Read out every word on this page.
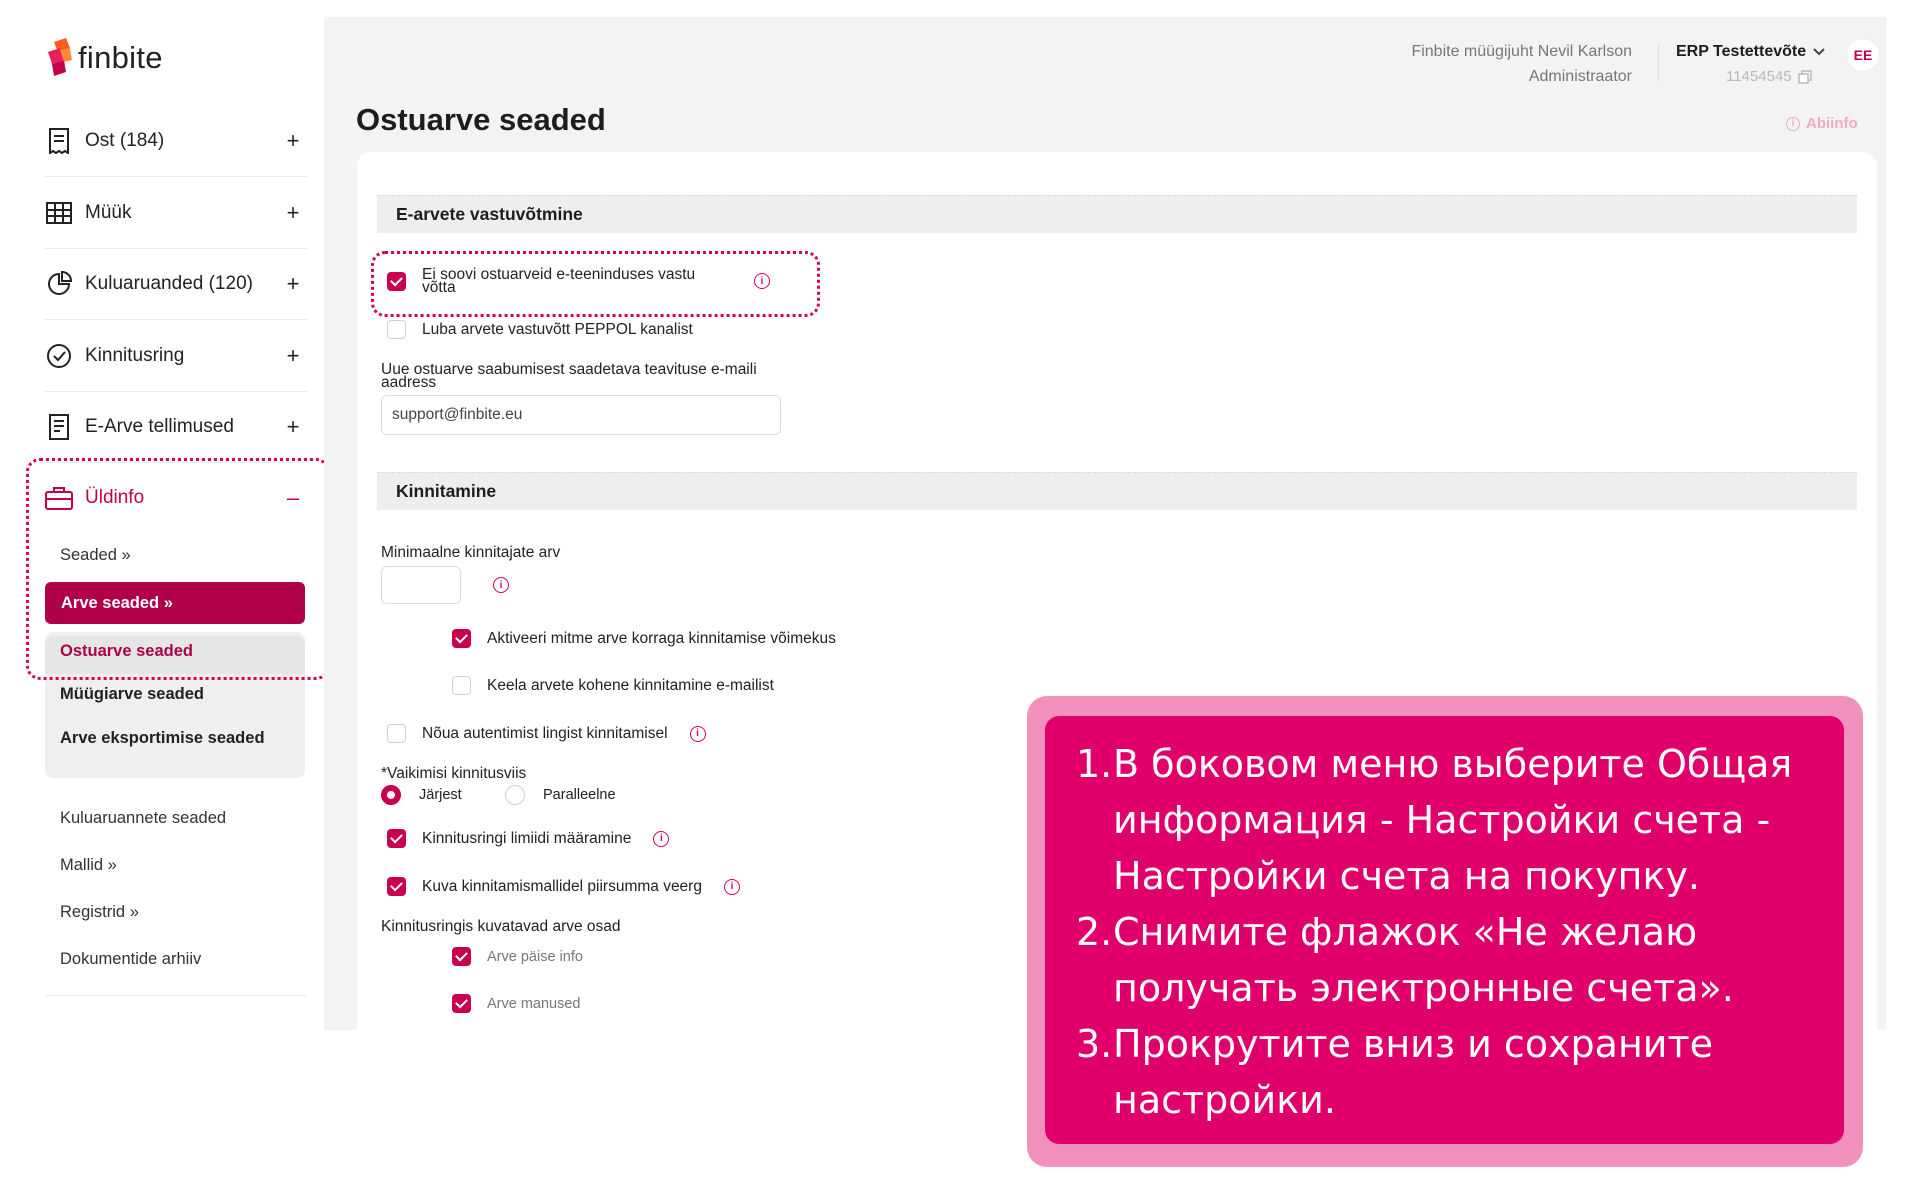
finbite
Ost (184)	+
Müük	+
Kuluaruanded (120)	+
Kinnitusring	+
E-Arve tellimused	+
Üldinfo	–
Seaded »
Arve seaded »
Ostuarve seaded
Müügiarve seaded
Arve eksportimise seaded
Kuluaruannete seaded
Mallid »
Registrid »
Dokumentide arhiiv
Finbite müügijuht Nevil Karlson
Administraator
ERP Testettevõte
11454545
EE
Ostuarve seaded	i Abiinfo
E-arvete vastuvõtmine
Ei soovi ostuarveid e-teeninduses vastu
võtta	i
Luba arvete vastuvõtt PEPPOL kanalist
Uue ostuarve saabumisest saadetava teavituse e-maili
aadress
support@finbite.eu
Kinnitamine
Minimaalne kinnitajate arv
i
Aktiveeri mitme arve korraga kinnitamise võimekus
Keela arvete kohene kinnitamine e-mailist
Nõua autentimist lingist kinnitamisel	i
*Vaikimisi kinnitusviis
Järjest	Paralleelne
Kinnitusringi limiidi määramine	i
Kuva kinnitamismallidel piirsumma veerg	i
Kinnitusringis kuvatavad arve osad
Arve päise info
Arve manused
1. В боковом меню выберите Общая
информация - Настройки счета -
Настройки счета на покупку.
2. Снимите флажок «Не желаю
получать электронные счета».
3. Прокрутите вниз и сохраните
настройки.
